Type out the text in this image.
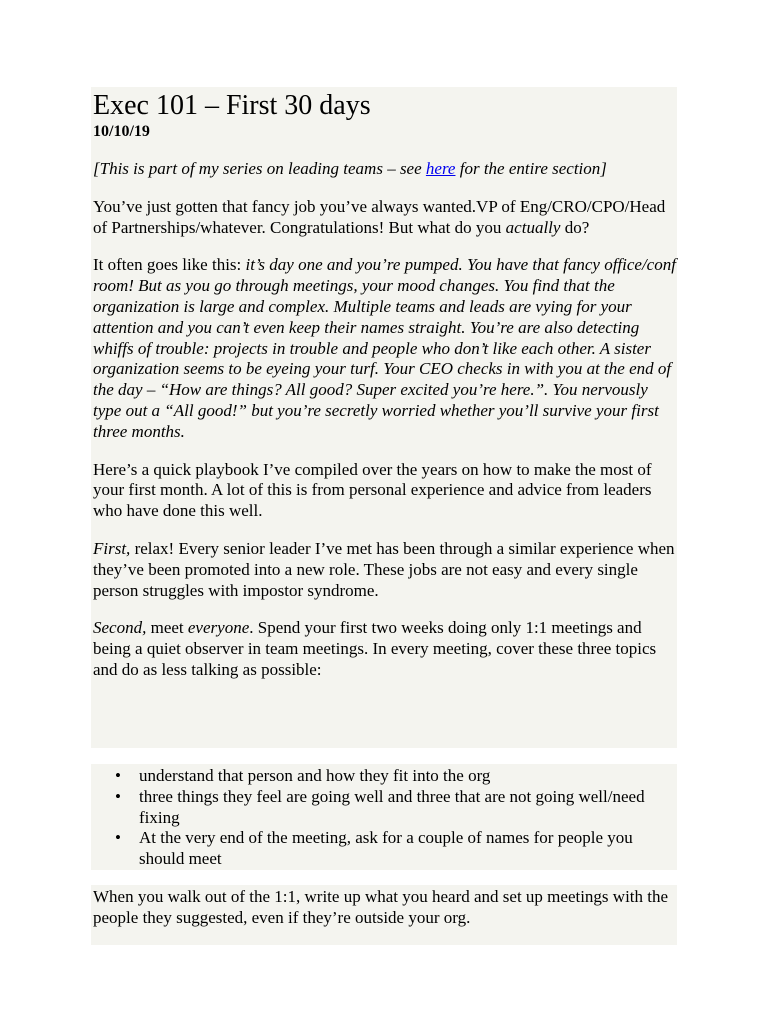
Exec 101 – First 30 days
10/10/19

[This is part of my series on leading teams – see here for the entire section]

You’ve just gotten that fancy job you’ve always wanted.VP of Eng/CRO/CPO/Head of Partnerships/whatever. Congratulations! But what do you actually do?

It often goes like this: it’s day one and you’re pumped. You have that fancy office/conf room! But as you go through meetings, your mood changes. You find that the organization is large and complex. Multiple teams and leads are vying for your attention and you can’t even keep their names straight. You’re are also detecting whiffs of trouble: projects in trouble and people who don’t like each other. A sister organization seems to be eyeing your turf. Your CEO checks in with you at the end of the day – “How are things? All good? Super excited you’re here.”. You nervously type out a “All good!” but you’re secretly worried whether you’ll survive your first three months.

Here’s a quick playbook I’ve compiled over the years on how to make the most of your first month. A lot of this is from personal experience and advice from leaders who have done this well.

First, relax! Every senior leader I’ve met has been through a similar experience when they’ve been promoted into a new role. These jobs are not easy and every single person struggles with impostor syndrome.

Second, meet everyone. Spend your first two weeks doing only 1:1 meetings and being a quiet observer in team meetings. In every meeting, cover these three topics and do as less talking as possible:

• understand that person and how they fit into the org
• three things they feel are going well and three that are not going well/need fixing
• At the very end of the meeting, ask for a couple of names for people you should meet

When you walk out of the 1:1, write up what you heard and set up meetings with the people they suggested, even if they’re outside your org.
